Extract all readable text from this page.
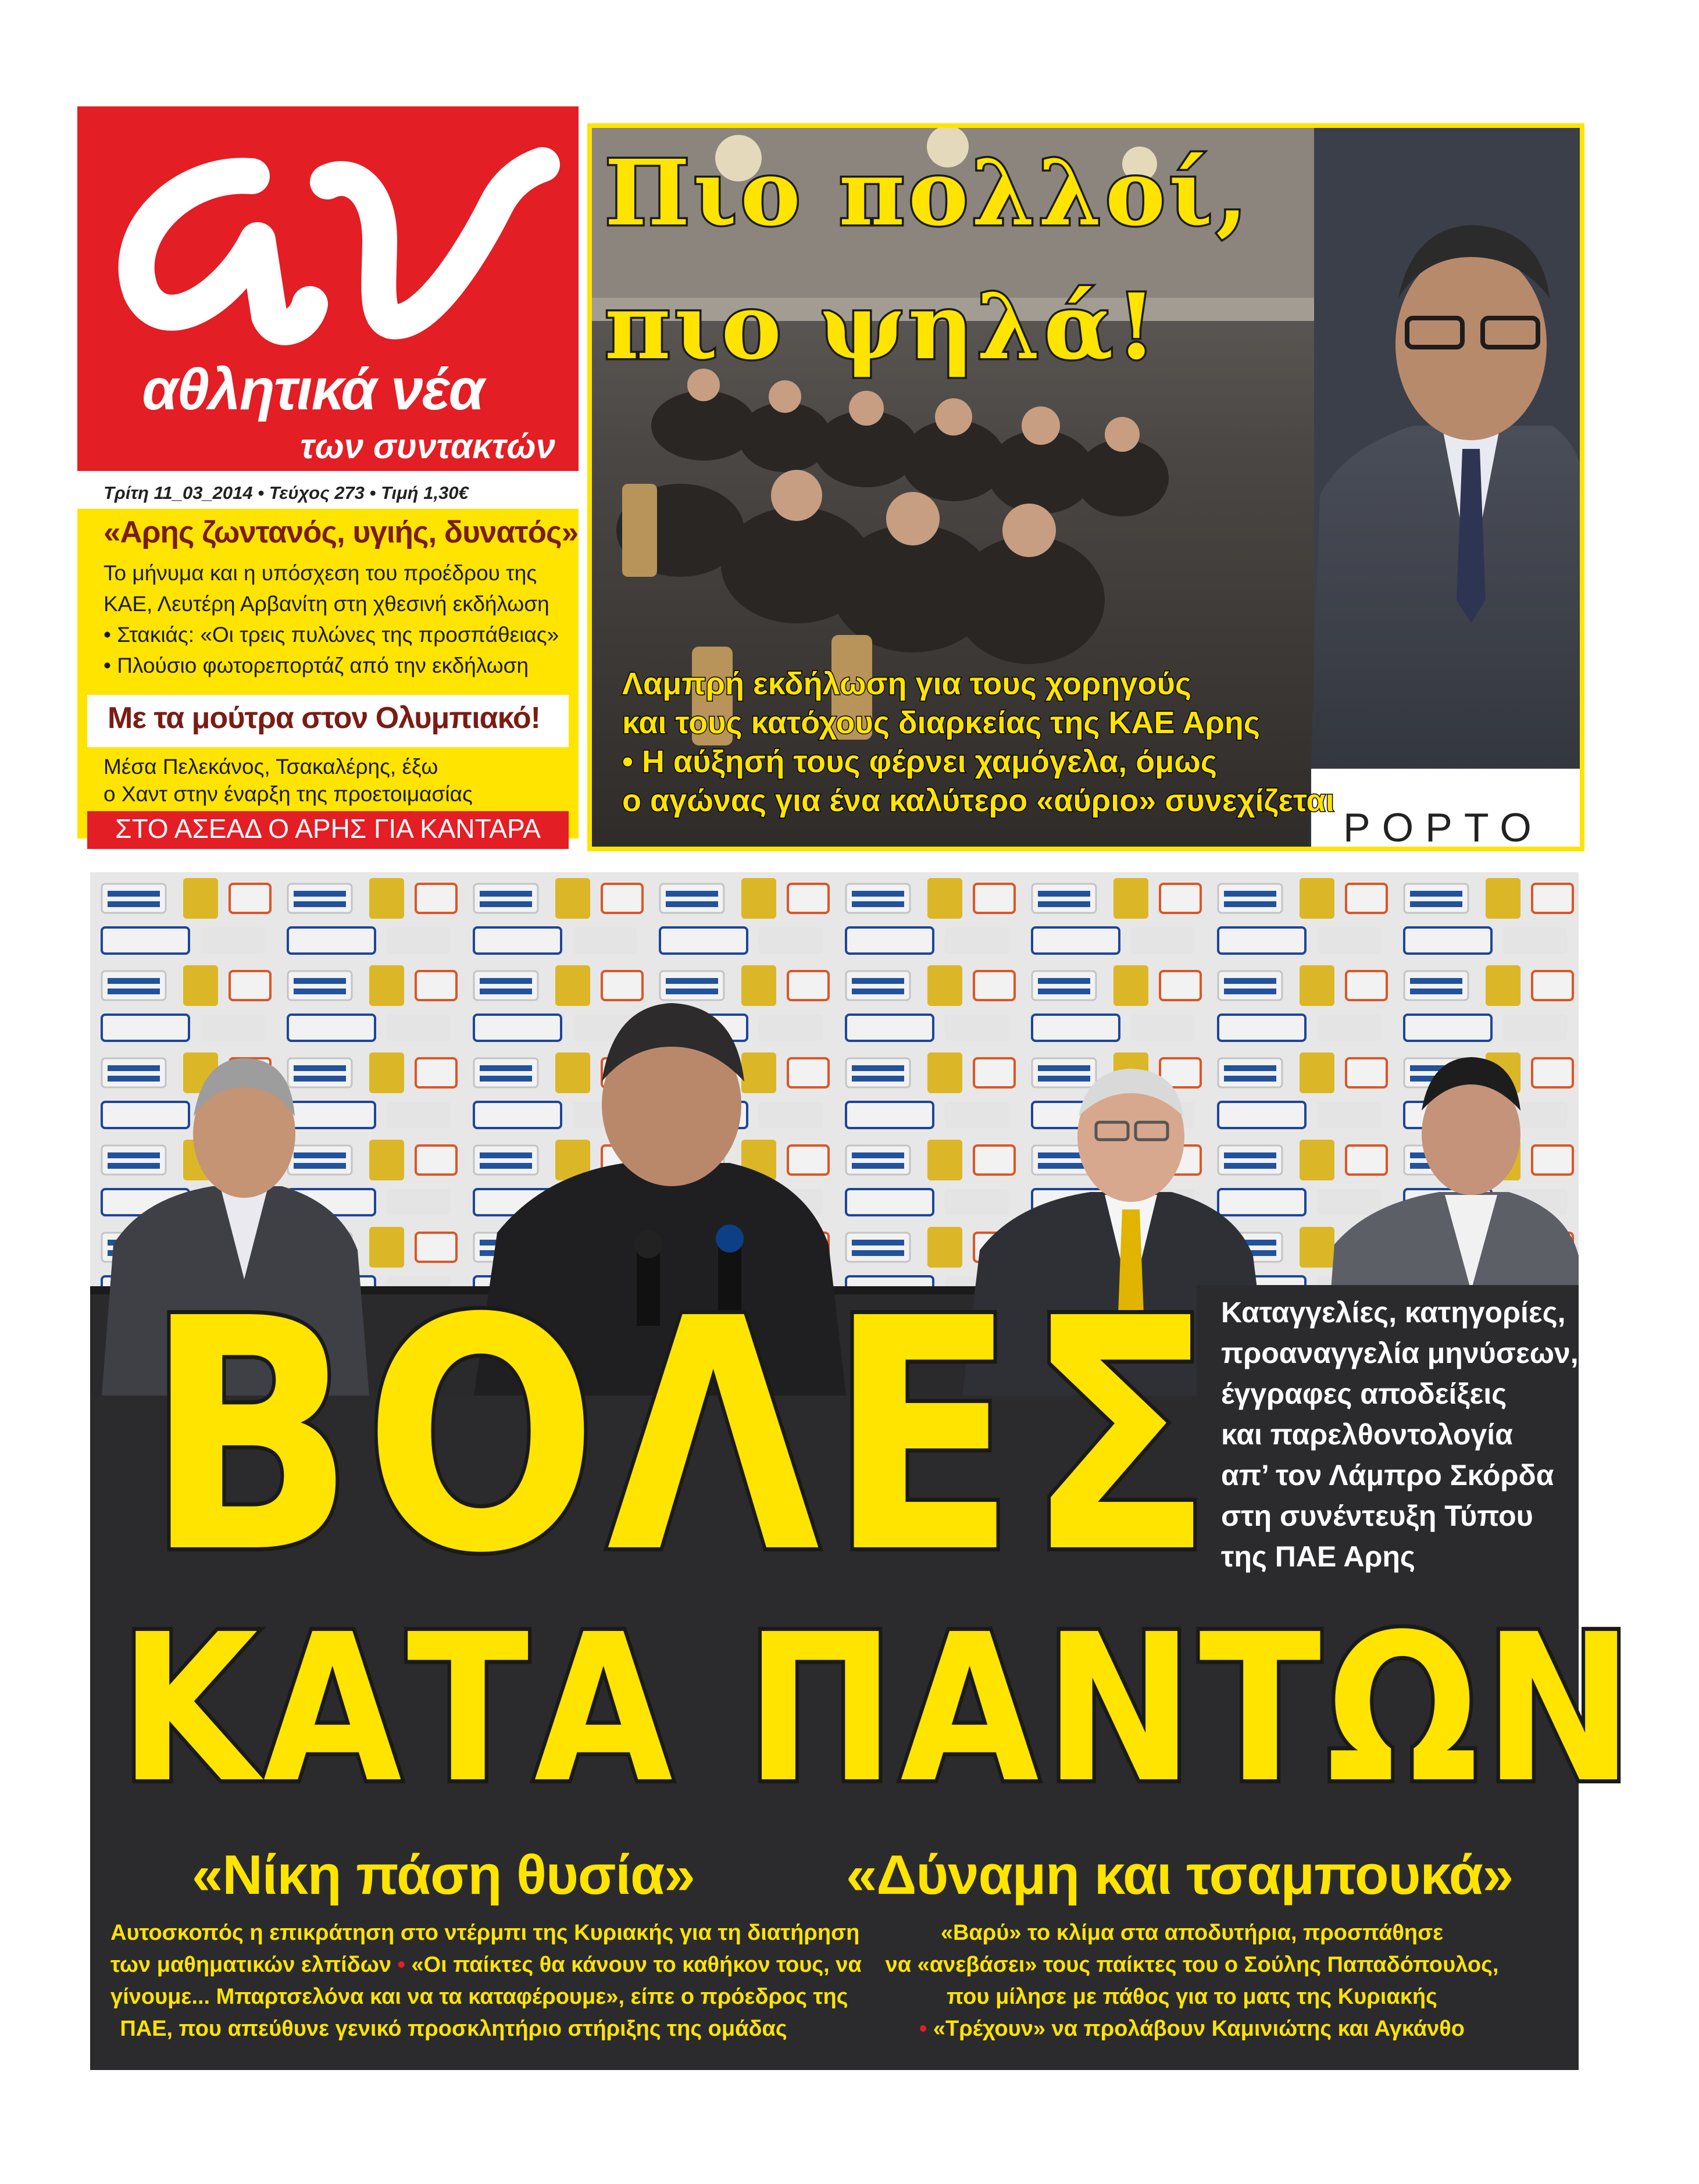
αθλητικά νέα
των συντακτών
Τρίτη 11_03_2014 • Τεύχος 273 • Τιμή 1,30€
«Αρης ζωντανός, υγιής, δυνατός»
Το μήνυμα και η υπόσχεση του προέδρου της
ΚΑΕ, Λευτέρη Αρβανίτη στη χθεσινή εκδήλωση
• Στακιάς: «Οι τρεις πυλώνες της προσπάθειας»
• Πλούσιο φωτορεπορτάζ από την εκδήλωση
Με τα μούτρα στον Ολυμπιακό!
Μέσα Πελεκάνος, Τσακαλέρης, έξω
ο Χαντ στην έναρξη της προετοιμασίας
ΣΤΟ ΑΣΕΑΔ Ο ΑΡΗΣ ΓΙΑ ΚΑΝΤΑΡΑ	ΡΟΡΤΟ
Πιο πολλοί,
πιο ψηλά!
Λαμπρή εκδήλωση για τους χορηγούς
και τους κατόχους διαρκείας της ΚΑΕ Αρης
• Η αύξησή τους φέρνει χαμόγελα, όμως
ο αγώνας για ένα καλύτερο «αύριο» συνεχίζεται
Καταγγελίες, κατηγορίες,
προαναγγελία μηνύσεων,
έγγραφες αποδείξεις
και παρελθοντολογία
απ’ τον Λάμπρο Σκόρδα
στη συνέντευξη Τύπου
της ΠΑΕ Αρης
ΒΟΛΕΣ
ΚΑΤΑ ΠΑΝΤΩΝ
«Νίκη πάση θυσία»	«Δύναμη και τσαμπουκά»
Αυτοσκοπός η επικράτηση στο ντέρμπι της Κυριακής για τη διατήρηση
των μαθηματικών ελπίδων • «Οι παίκτες θα κάνουν το καθήκον τους, να
γίνουμε... Μπαρτσελόνα και να τα καταφέρουμε», είπε ο πρόεδρος της
ΠΑΕ, που απεύθυνε γενικό προσκλητήριο στήριξης της ομάδας
«Βαρύ» το κλίμα στα αποδυτήρια, προσπάθησε
να «ανεβάσει» τους παίκτες του ο Σούλης Παπαδόπουλος,
που μίλησε με πάθος για το ματς της Κυριακής
• «Τρέχουν» να προλάβουν Καμινιώτης και Αγκάνθο
